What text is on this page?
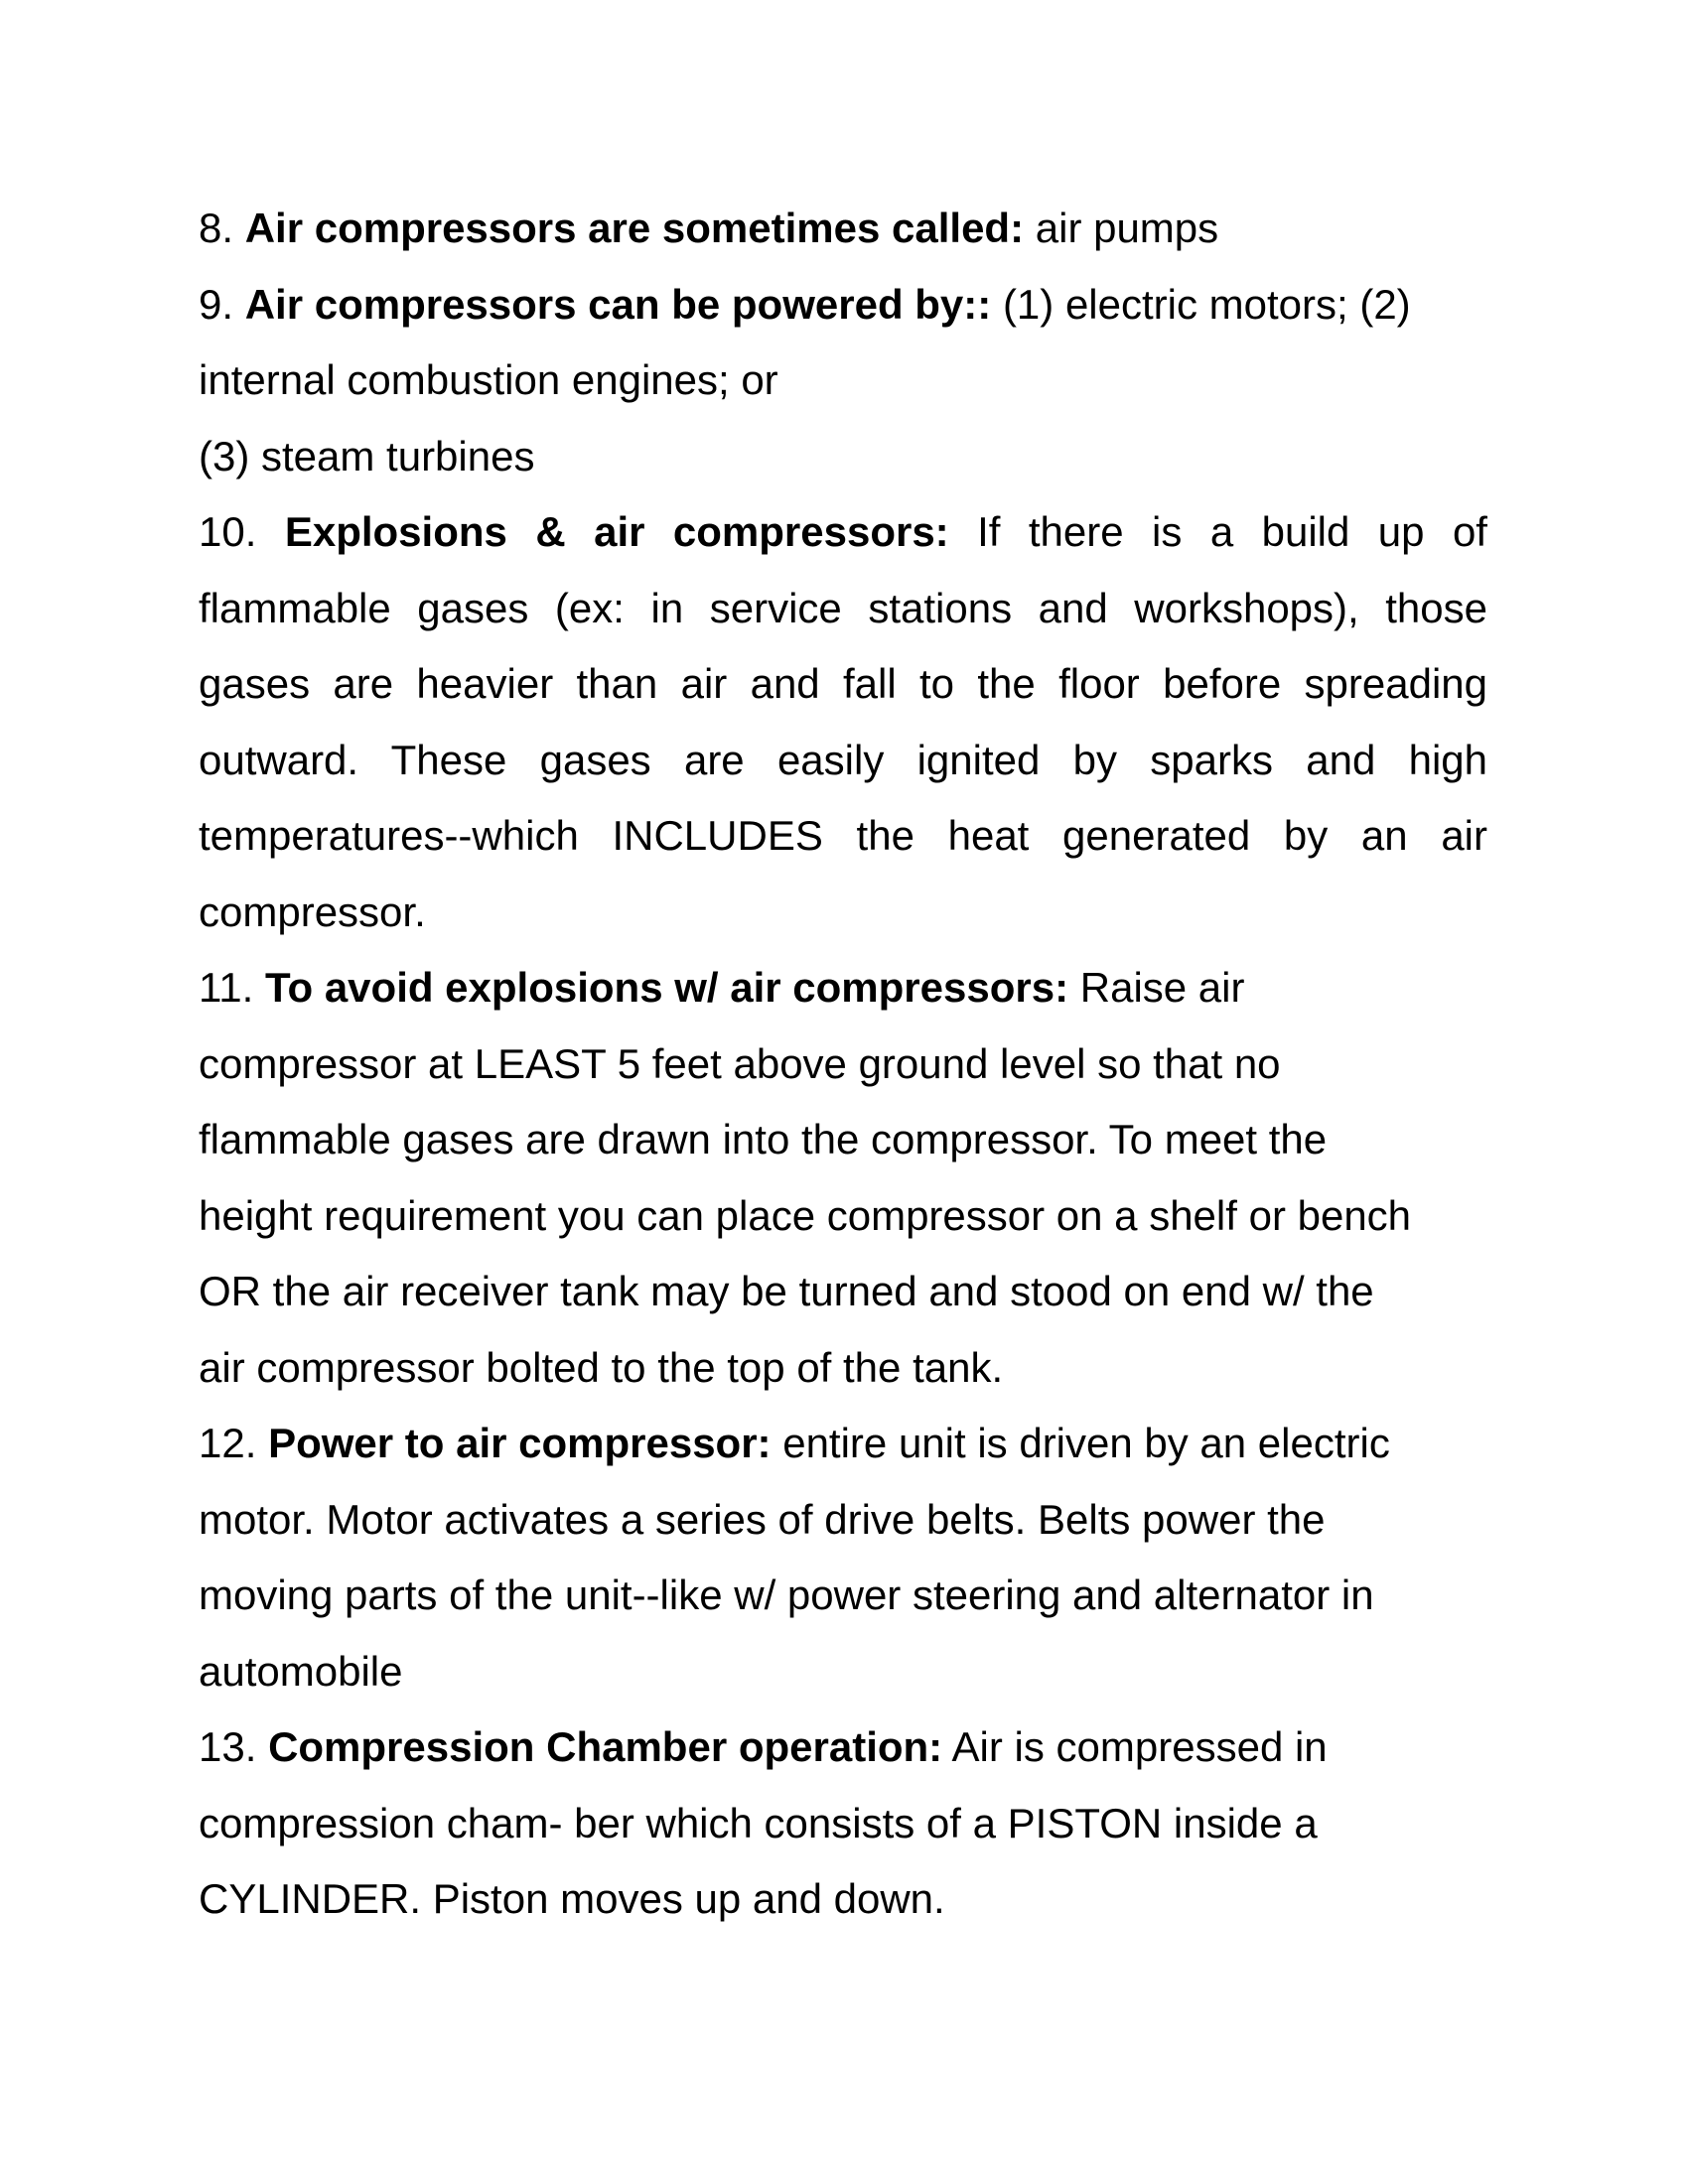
8. Air compressors are sometimes called: air pumps

9. Air compressors can be powered by:: (1) electric motors; (2)

internal combustion engines; or

(3) steam turbines

10. Explosions & air compressors: If there is a build up of

flammable gases (ex: in service stations and workshops), those

gases are heavier than air and fall to the floor before spreading

outward. These gases are easily ignited by sparks and high

temperatures--which INCLUDES the heat generated by an air

compressor.

11. To avoid explosions w/ air compressors: Raise air

compressor at LEAST 5 feet above ground level so that no

flammable gases are drawn into the compressor. To meet the

height requirement you can place compressor on a shelf or bench

OR the air receiver tank may be turned and stood on end w/ the

air compressor bolted to the top of the tank.

12. Power to air compressor: entire unit is driven by an electric

motor. Motor activates a series of drive belts. Belts power the

moving parts of the unit--like w/ power steering and alternator in

automobile

13. Compression Chamber operation: Air is compressed in

compression cham- ber which consists of a PISTON inside a

CYLINDER. Piston moves up and down.
